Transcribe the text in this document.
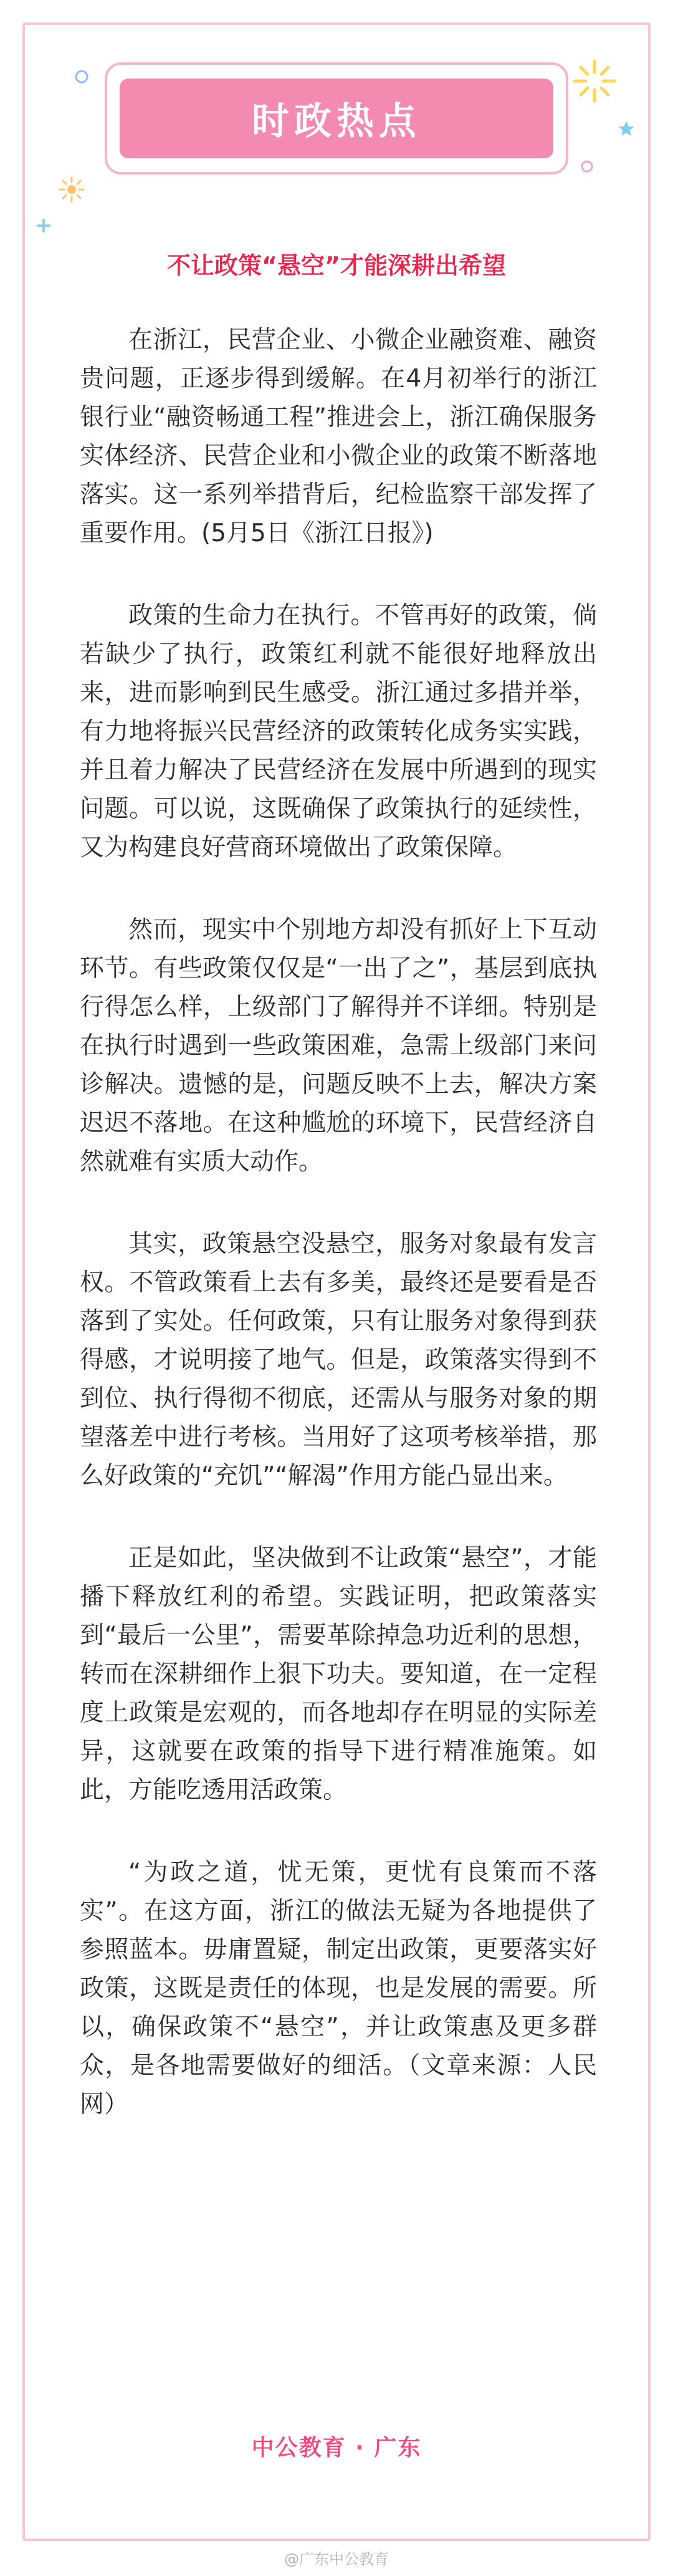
时政热点
不让政策“悬空”才能深耕出希望

在浙江，民营企业、小微企业融资难、融资贵问题，正逐步得到缓解。在4月初举行的浙江银行业“融资畅通工程”推进会上，浙江确保服务实体经济、民营企业和小微企业的政策不断落地落实。这一系列举措背后，纪检监察干部发挥了重要作用。(5月5日《浙江日报》)

政策的生命力在执行。不管再好的政策，倘若缺少了执行，政策红利就不能很好地释放出来，进而影响到民生感受。浙江通过多措并举，有力地将振兴民营经济的政策转化成务实实践，并且着力解决了民营经济在发展中所遇到的现实问题。可以说，这既确保了政策执行的延续性，又为构建良好营商环境做出了政策保障。

然而，现实中个别地方却没有抓好上下互动环节。有些政策仅仅是“一出了之”，基层到底执行得怎么样，上级部门了解得并不详细。特别是在执行时遇到一些政策困难，急需上级部门来问诊解决。遗憾的是，问题反映不上去，解决方案迟迟不落地。在这种尴尬的环境下，民营经济自然就难有实质大动作。

其实，政策悬空没悬空，服务对象最有发言权。不管政策看上去有多美，最终还是要看是否落到了实处。任何政策，只有让服务对象得到获得感，才说明接了地气。但是，政策落实得到不到位、执行得彻不彻底，还需从与服务对象的期望落差中进行考核。当用好了这项考核举措，那么好政策的“充饥”“解渴”作用方能凸显出来。

正是如此，坚决做到不让政策“悬空”，才能播下释放红利的希望。实践证明，把政策落实到“最后一公里”，需要革除掉急功近利的思想，转而在深耕细作上狠下功夫。要知道，在一定程度上政策是宏观的，而各地却存在明显的实际差异，这就要在政策的指导下进行精准施策。如此，方能吃透用活政策。

“为政之道，忧无策，更忧有良策而不落实”。在这方面，浙江的做法无疑为各地提供了参照蓝本。毋庸置疑，制定出政策，更要落实好政策，这既是责任的体现，也是发展的需要。所以，确保政策不“悬空”，并让政策惠及更多群众，是各地需要做好的细活。（文章来源：人民网）

中公教育 · 广东
@广东中公教育
